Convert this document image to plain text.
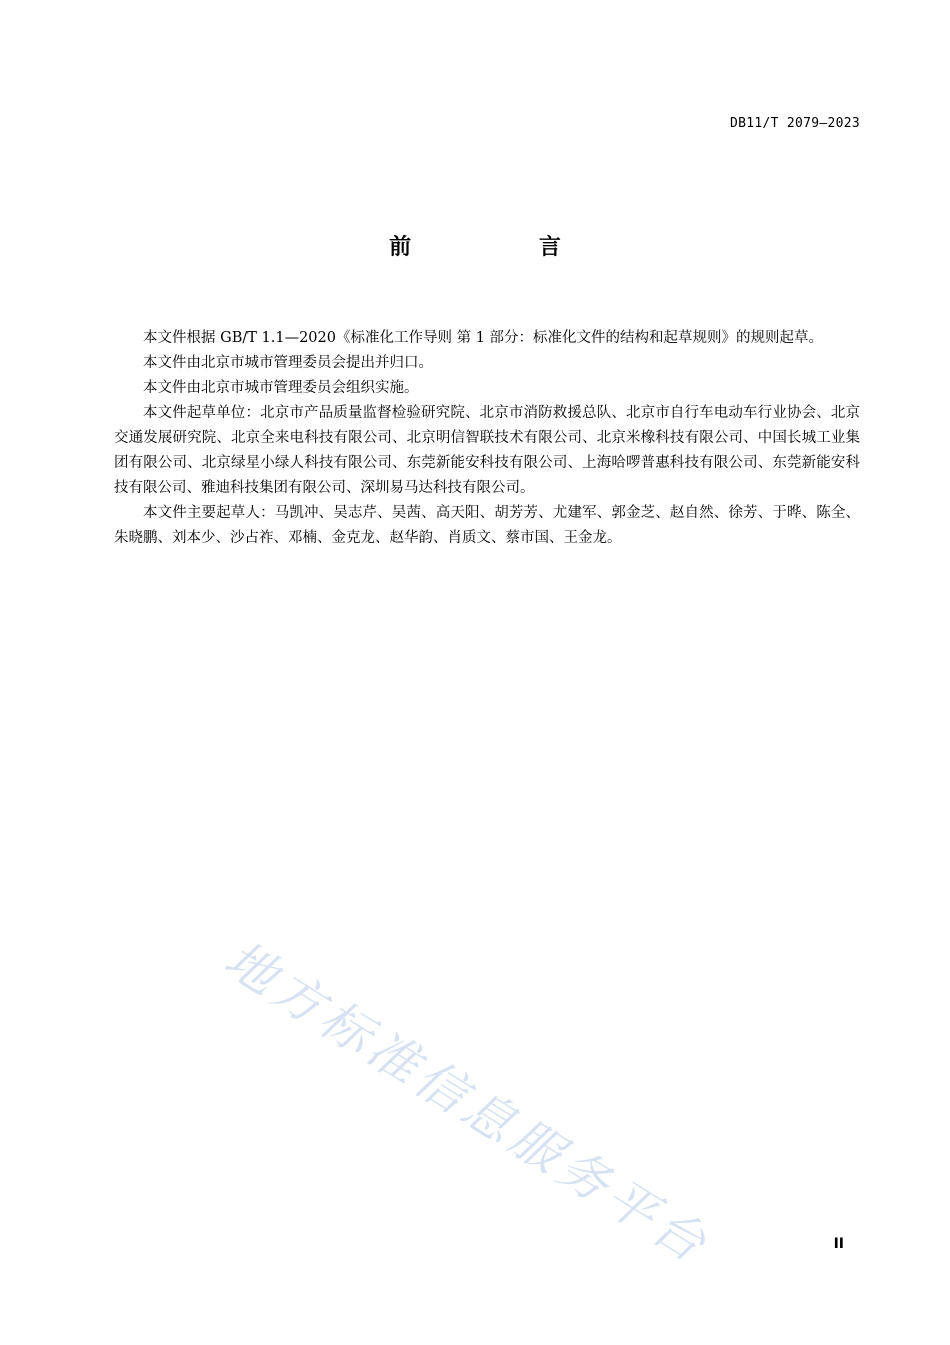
DB11/T 2079—2023
前 言

本文件根据 GB/T 1.1—2020《标准化工作导则 第 1 部分：标准化文件的结构和起草规则》的规则起草。

本文件由北京市城市管理委员会提出并归口。

本文件由北京市城市管理委员会组织实施。

本文件起草单位：北京市产品质量监督检验研究院、北京市消防救援总队、北京市自行车电动车行业协会、北京交通发展研究院、北京全来电科技有限公司、北京明信智联技术有限公司、北京米橡科技有限公司、中国长城工业集团有限公司、北京绿星小绿人科技有限公司、东莞新能安科技有限公司、上海哈啰普惠科技有限公司、东莞新能安科技有限公司、雅迪科技集团有限公司、深圳易马达科技有限公司。

本文件主要起草人：马凯冲、吴志芹、吴茜、高天阳、胡芳芳、尤建军、郭金芝、赵自然、徐芳、于晔、陈全、朱晓鹏、刘本少、沙占祚、邓楠、金克龙、赵华韵、肖质文、蔡市国、王金龙。

地方标准信息服务平台	II
